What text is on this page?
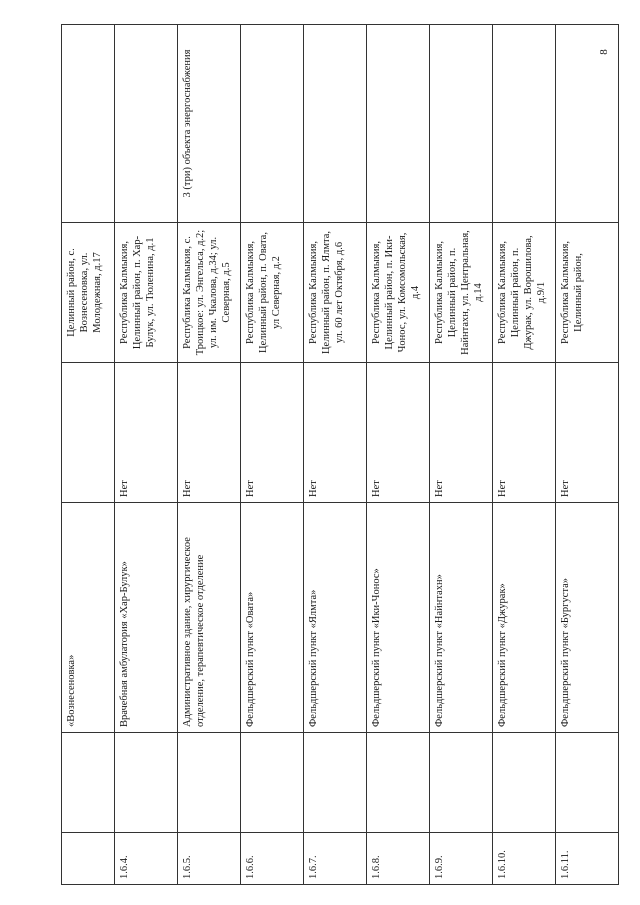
8
		«Вознесеновка»		Целинный район, с. Вознесеновка, ул. Молодежная, д.17	
1.6.4.		Врачебная амбулатория «Хар-Булук»	Нет	Республика Калмыкия, Целинный район, п. Хар-Булук, ул. Тюленина, д.1	
1.6.5.		Административное здание, хирургическое отделение, терапевтическое отделение	Нет	Республика Калмыкия, с. Троицкое: ул. Энгельса, д.2; ул. им. Чкалова, д.34; ул. Северная, д.5	3 (три) объекта энергоснабжения
1.6.6.		Фельдшерский пункт «Овата»	Нет	Республика Калмыкия, Целинный район, п. Овата, ул Северная, д.2	
1.6.7.		Фельдшерский пункт «Ялмта»	Нет	Республика Калмыкия, Целинный район, п. Ялмта, ул. 60 лет Октября, д.6	
1.6.8.		Фельдшерский пункт «Ики-Чонос»	Нет	Республика Калмыкия, Целинный район, п. Ики-Чонос, ул. Комсомольская, д.4	
1.6.9.		Фельдшерский пункт «Найнтахн»	Нет	Республика Калмыкия, Целинный район, п. Найнтахн, ул. Центральная, д.14	
1.6.10.		Фельдшерский пункт «Джурак»	Нет	Республика Калмыкия, Целинный район, п. Джурак, ул. Ворошилова, д.9/1	
1.6.11.		Фельдшерский пункт «Бургуста»	Нет	Республика Калмыкия, Целинный район,	
